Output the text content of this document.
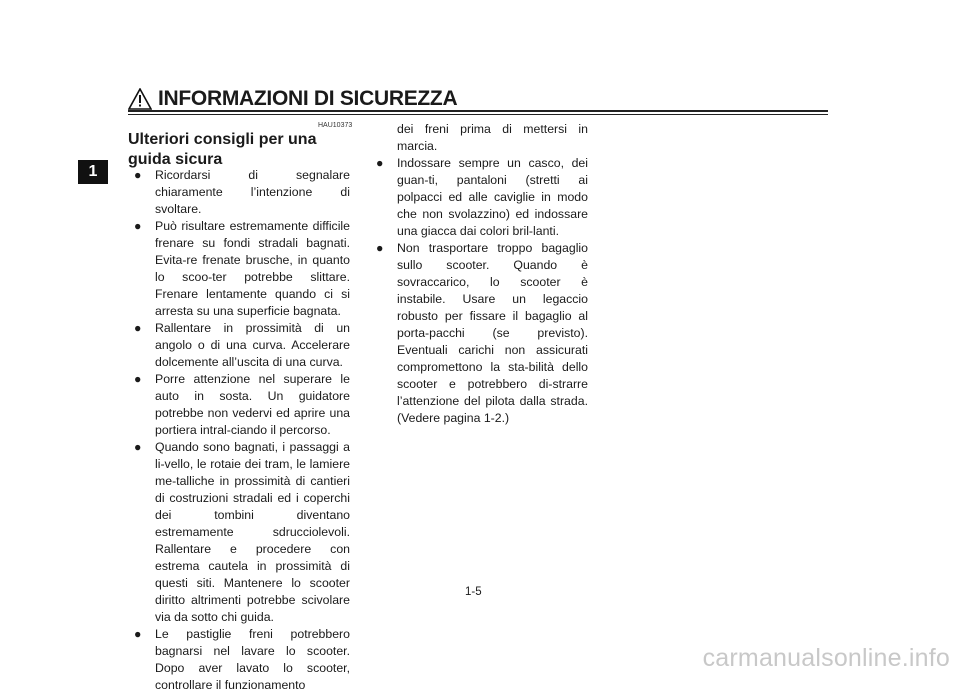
INFORMAZIONI DI SICUREZZA
1
HAU10373
Ulteriori consigli per una guida sicura
● Ricordarsi di segnalare chiaramente l’intenzione di svoltare.
● Può risultare estremamente difficile frenare su fondi stradali bagnati. Evita-re frenate brusche, in quanto lo scoo-ter potrebbe slittare. Frenare lentamente quando ci si arresta su una superficie bagnata.
● Rallentare in prossimità di un angolo o di una curva. Accelerare dolcemente all’uscita di una curva.
● Porre attenzione nel superare le auto in sosta. Un guidatore potrebbe non vedervi ed aprire una portiera intral-ciando il percorso.
● Quando sono bagnati, i passaggi a li-vello, le rotaie dei tram, le lamiere me-talliche in prossimità di cantieri di costruzioni stradali ed i coperchi dei tombini diventano estremamente sdrucciolevoli. Rallentare e procedere con estrema cautela in prossimità di questi siti. Mantenere lo scooter diritto altrimenti potrebbe scivolare via da sotto chi guida.
● Le pastiglie freni potrebbero bagnarsi nel lavare lo scooter. Dopo aver lavato lo scooter, controllare il funzionamento

dei freni prima di mettersi in marcia.

● Indossare sempre un casco, dei guan-ti, pantaloni (stretti ai polpacci ed alle caviglie in modo che non svolazzino) ed indossare una giacca dai colori bril-lanti.
● Non trasportare troppo bagaglio sullo scooter. Quando è sovraccarico, lo scooter è instabile. Usare un legaccio robusto per fissare il bagaglio al porta-pacchi (se previsto). Eventuali carichi non assicurati compromettono la sta-bilità dello scooter e potrebbero di-strarre l’attenzione del pilota dalla strada. (Vedere pagina 1-2.)
1-5
carmanualsonline.info
